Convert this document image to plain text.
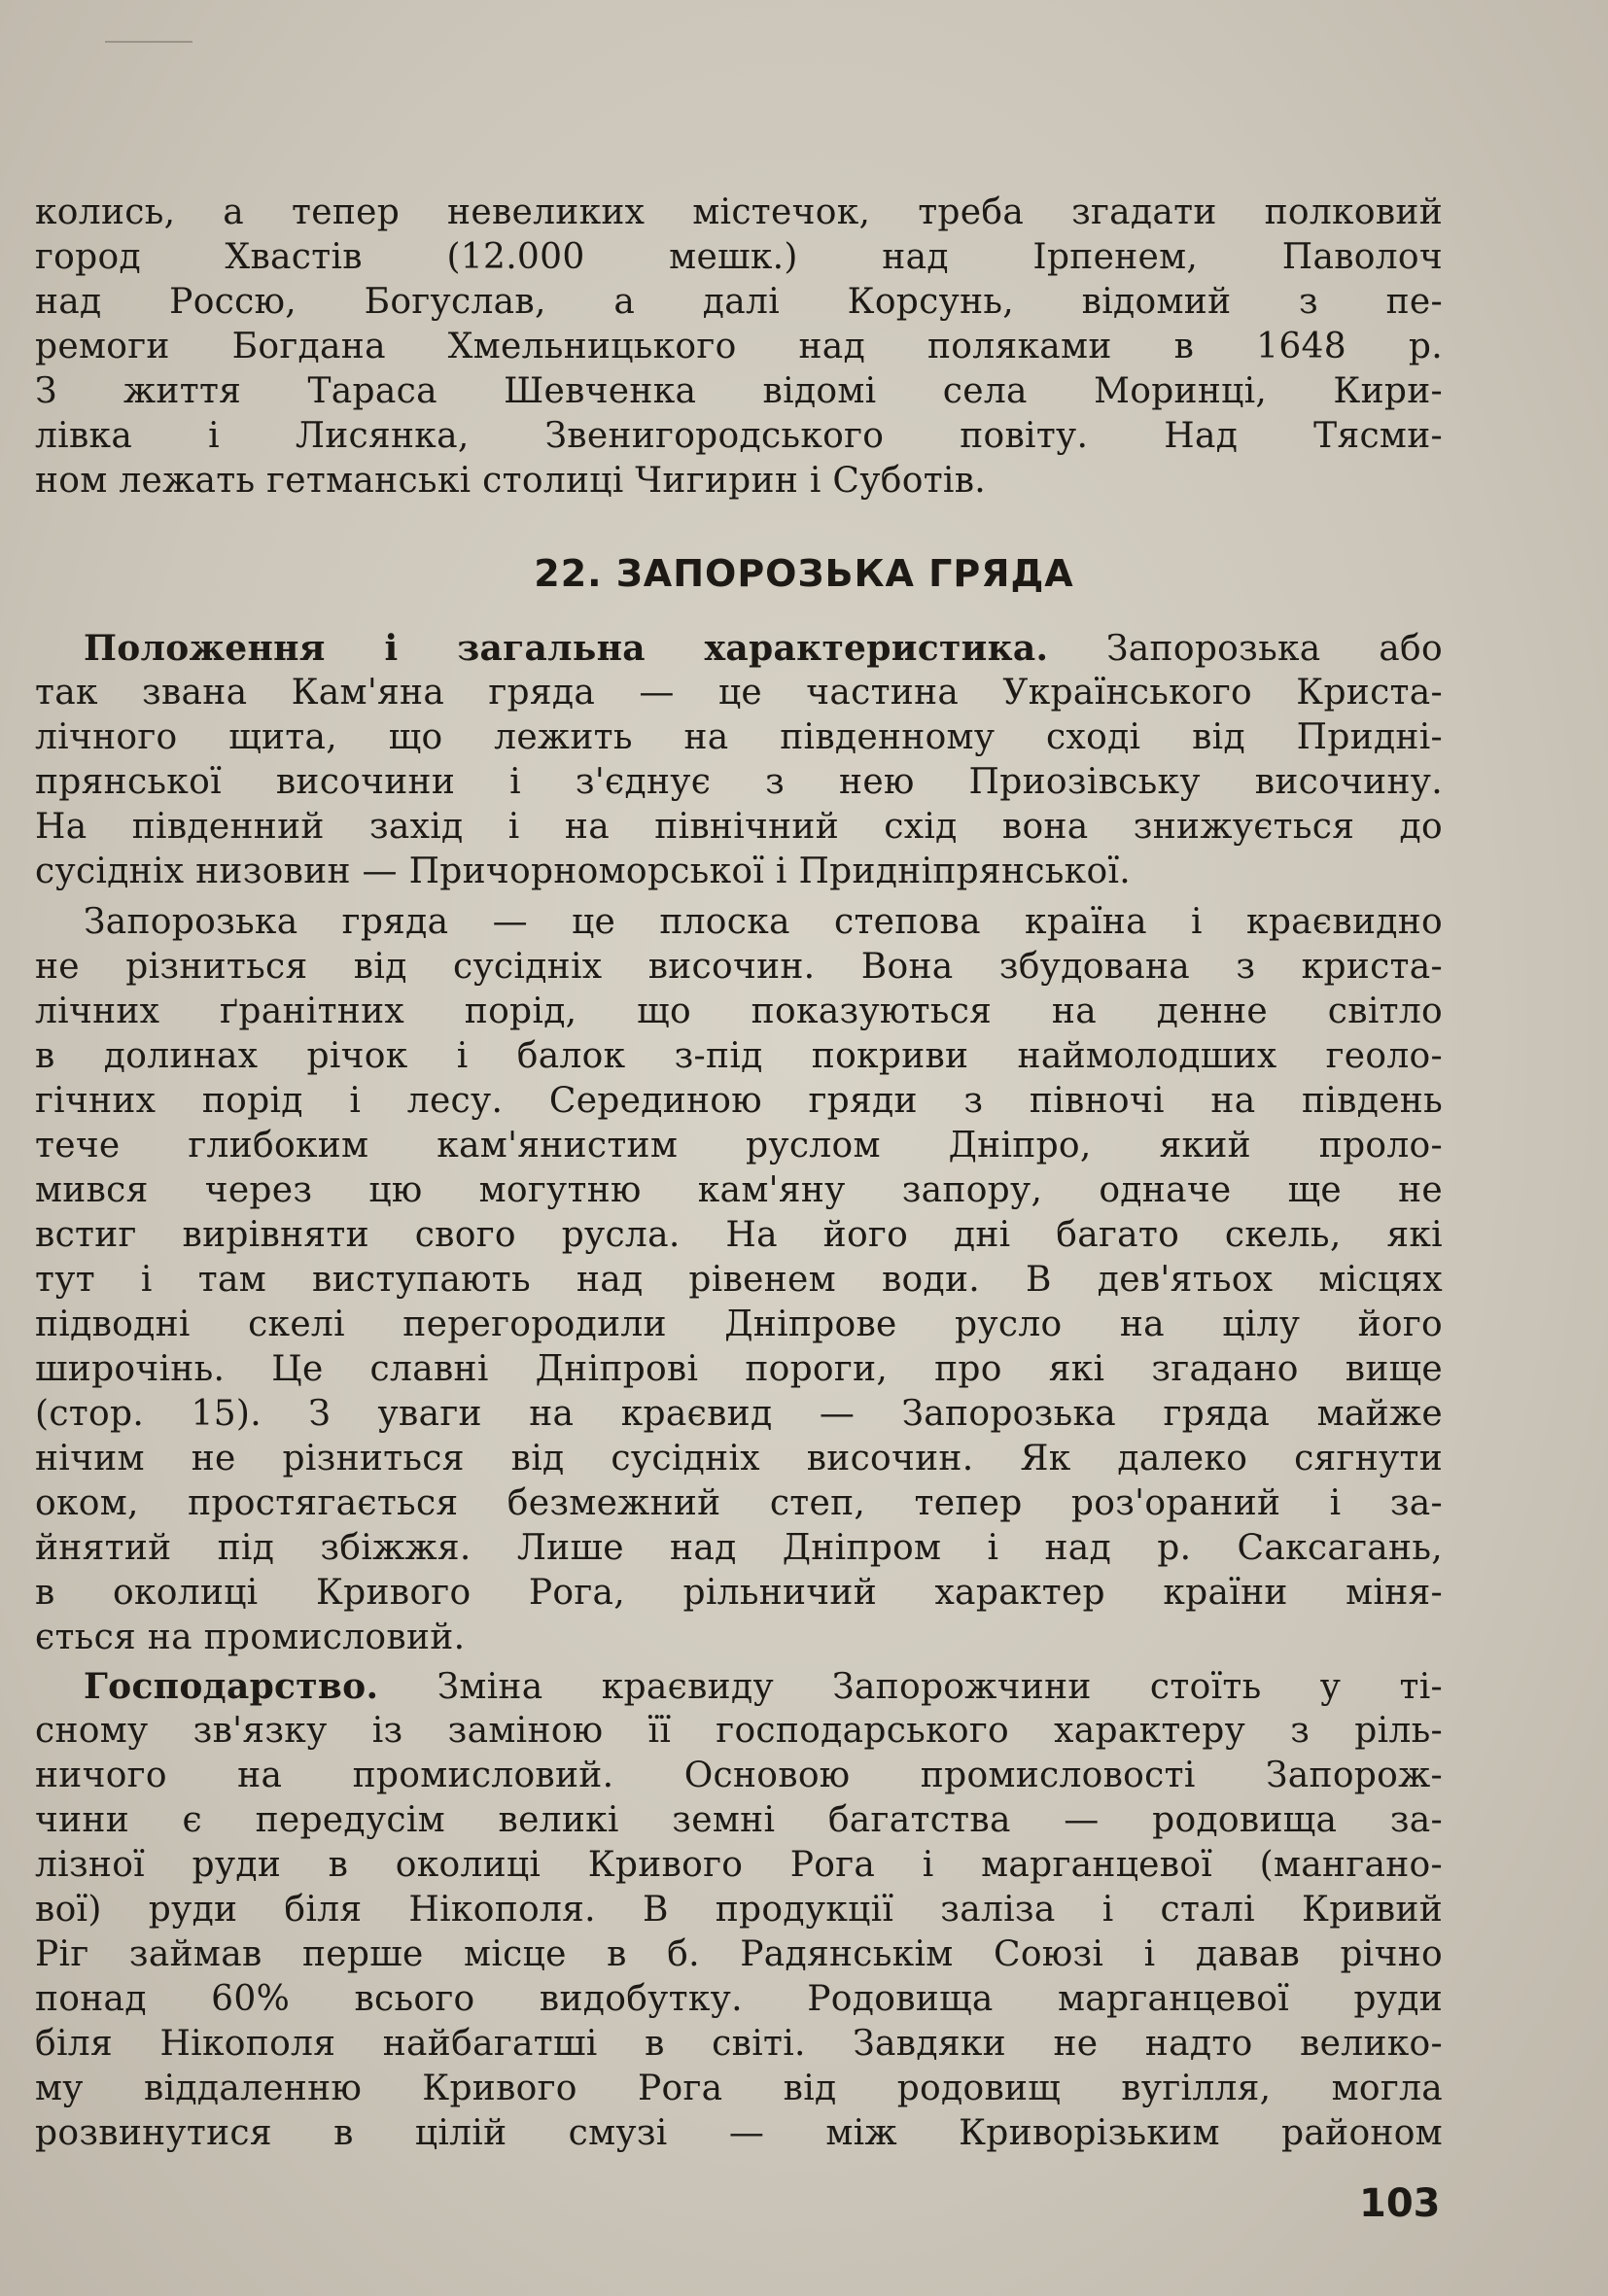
колись, а тепер невеликих містечок, треба згадати полковий
город Хвастів (12.000 мешк.) над Ірпенем, Паволоч
над Россю, Богуслав, а далі Корсунь, відомий з пе-
ремоги Богдана Хмельницького над поляками в 1648 р.
З життя Тараса Шевченка відомі села Моринці, Кири-
лівка і Лисянка, Звенигородського повіту. Над Тясми-
ном лежать гетманські столиці Чигирин і Суботів.
22. ЗАПОРОЗЬКА ГРЯДА
Положення і загальна характеристика. Запорозька або
так звана Кам'яна гряда — це частина Українського Криста-
лічного щита, що лежить на південному сході від Придні-
прянської височини і з'єднує з нею Приозівську височину.
На південний захід і на північний схід вона знижується до
сусідніх низовин — Причорноморської і Придніпрянської.
Запорозька гряда — це плоска степова країна і краєвидно
не різниться від сусідніх височин. Вона збудована з криста-
лічних ґранітних порід, що показуються на денне світло
в долинах річок і балок з-під покриви наймолодших геоло-
гічних порід і лесу. Серединою гряди з півночі на південь
тече глибоким кам'янистим руслом Дніпро, який проло-
мився через цю могутню кам'яну запору, одначе ще не
встиг вирівняти свого русла. На його дні багато скель, які
тут і там виступають над рівенем води. В дев'ятьох місцях
підводні скелі перегородили Дніпрове русло на цілу його
широчінь. Це славні Дніпрові пороги, про які згадано вище
(стор. 15). З уваги на краєвид — Запорозька гряда майже
нічим не різниться від сусідніх височин. Як далеко сягнути
оком, простягається безмежний степ, тепер роз'ораний і за-
йнятий під збіжжя. Лише над Дніпром і над р. Саксагань,
в околиці Кривого Рога, рільничий характер країни міня-
ється на промисловий.
Господарство. Зміна краєвиду Запорожчини стоїть у ті-
сному зв'язку із заміною її господарського характеру з ріль-
ничого на промисловий. Основою промисловості Запорож-
чини є передусім великі земні багатства — родовища за-
лізної руди в околиці Кривого Рога і марганцевої (мангано-
вої) руди біля Нікополя. В продукції заліза і сталі Кривий
Ріг займав перше місце в б. Радянськім Союзі і давав річно
понад 60% всього видобутку. Родовища марганцевої руди
біля Нікополя найбагатші в світі. Завдяки не надто велико-
му віддаленню Кривого Рога від родовищ вугілля, могла
розвинутися в цілій смузі — між Криворізьким районом
103
